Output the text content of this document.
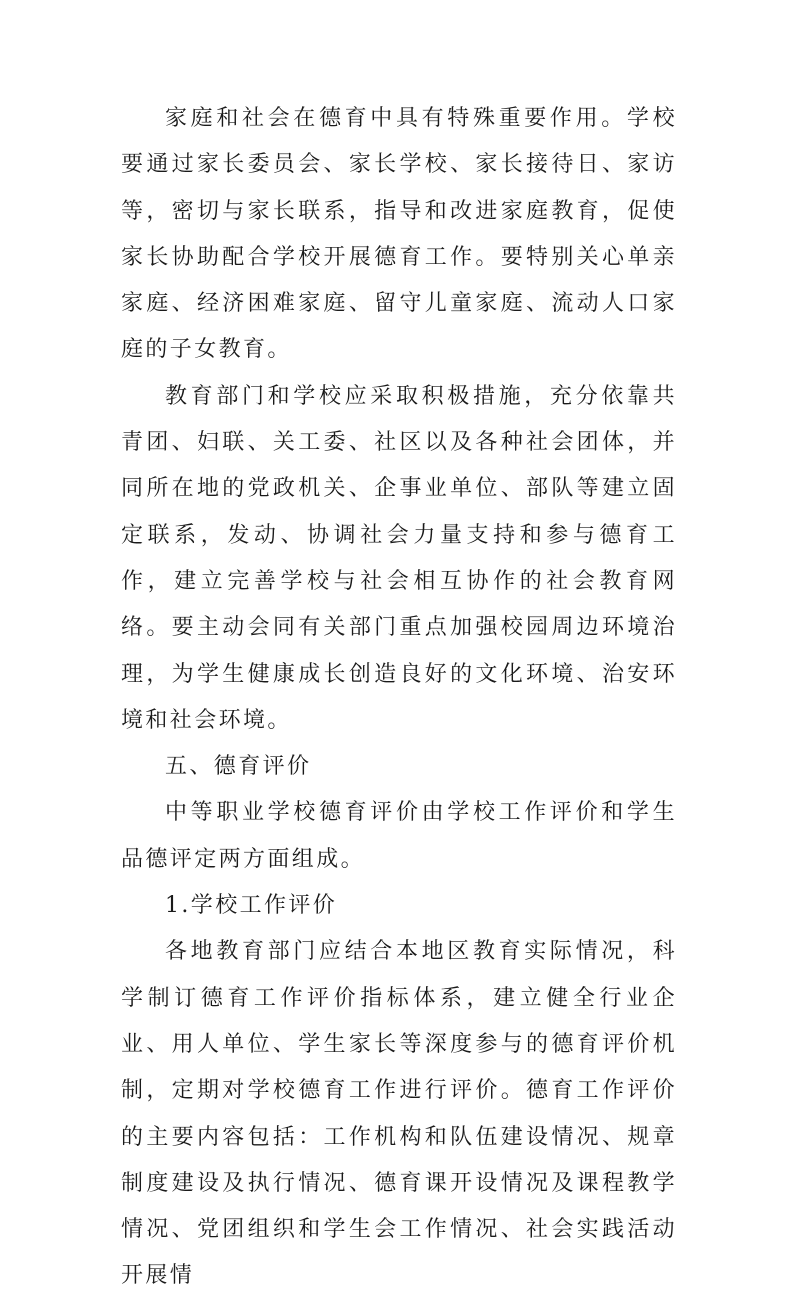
家庭和社会在德育中具有特殊重要作用。学校要通过家长委员会、家长学校、家长接待日、家访等，密切与家长联系，指导和改进家庭教育，促使家长协助配合学校开展德育工作。要特别关心单亲家庭、经济困难家庭、留守儿童家庭、流动人口家庭的子女教育。

教育部门和学校应采取积极措施，充分依靠共青团、妇联、关工委、社区以及各种社会团体，并同所在地的党政机关、企事业单位、部队等建立固定联系，发动、协调社会力量支持和参与德育工作，建立完善学校与社会相互协作的社会教育网络。要主动会同有关部门重点加强校园周边环境治理，为学生健康成长创造良好的文化环境、治安环境和社会环境。

五、德育评价

中等职业学校德育评价由学校工作评价和学生品德评定两方面组成。

1.学校工作评价

各地教育部门应结合本地区教育实际情况，科学制订德育工作评价指标体系，建立健全行业企业、用人单位、学生家长等深度参与的德育评价机制，定期对学校德育工作进行评价。德育工作评价的主要内容包括：工作机构和队伍建设情况、规章制度建设及执行情况、德育课开设情况及课程教学情况、党团组织和学生会工作情况、社会实践活动开展情
